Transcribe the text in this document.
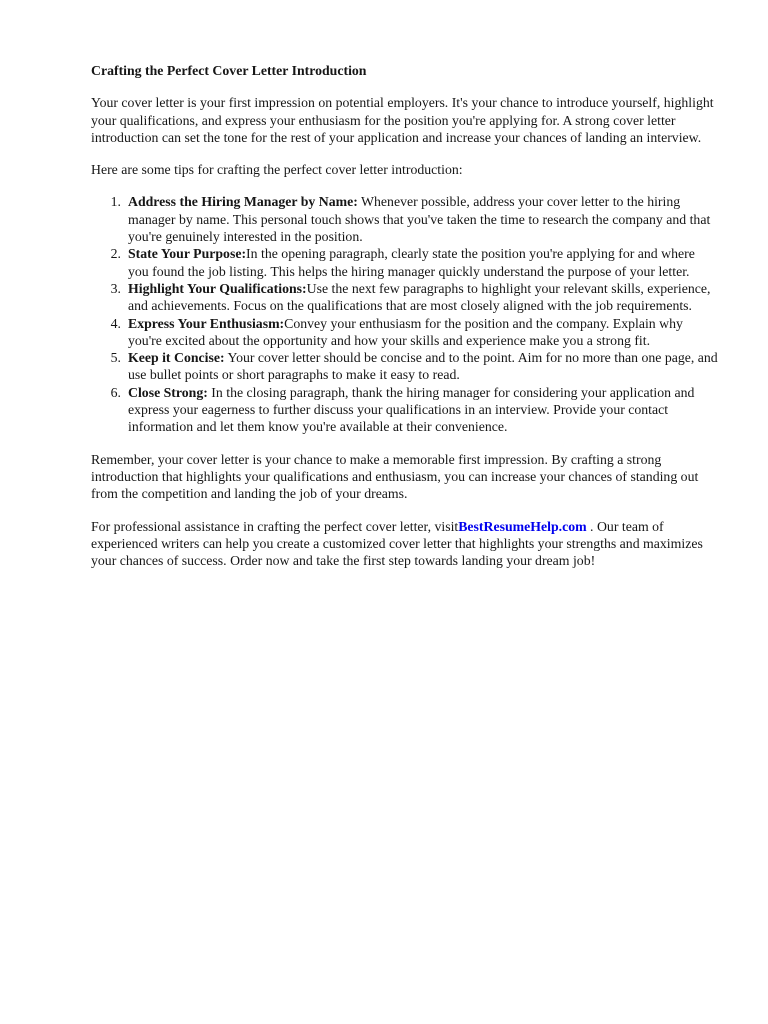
Crafting the Perfect Cover Letter Introduction

Your cover letter is your first impression on potential employers. It's your chance to introduce yourself, highlight your qualifications, and express your enthusiasm for the position you're applying for. A strong cover letter introduction can set the tone for the rest of your application and increase your chances of landing an interview.

Here are some tips for crafting the perfect cover letter introduction:

1. Address the Hiring Manager by Name: Whenever possible, address your cover letter to the hiring manager by name. This personal touch shows that you've taken the time to research the company and that you're genuinely interested in the position.
2. State Your Purpose:In the opening paragraph, clearly state the position you're applying for and where you found the job listing. This helps the hiring manager quickly understand the purpose of your letter.
3. Highlight Your Qualifications:Use the next few paragraphs to highlight your relevant skills, experience, and achievements. Focus on the qualifications that are most closely aligned with the job requirements.
4. Express Your Enthusiasm:Convey your enthusiasm for the position and the company. Explain why you're excited about the opportunity and how your skills and experience make you a strong fit.
5. Keep it Concise: Your cover letter should be concise and to the point. Aim for no more than one page, and use bullet points or short paragraphs to make it easy to read.
6. Close Strong: In the closing paragraph, thank the hiring manager for considering your application and express your eagerness to further discuss your qualifications in an interview. Provide your contact information and let them know you're available at their convenience.

Remember, your cover letter is your chance to make a memorable first impression. By crafting a strong introduction that highlights your qualifications and enthusiasm, you can increase your chances of standing out from the competition and landing the job of your dreams.

For professional assistance in crafting the perfect cover letter, visitBestResumeHelp.com . Our team of experienced writers can help you create a customized cover letter that highlights your strengths and maximizes your chances of success. Order now and take the first step towards landing your dream job!
